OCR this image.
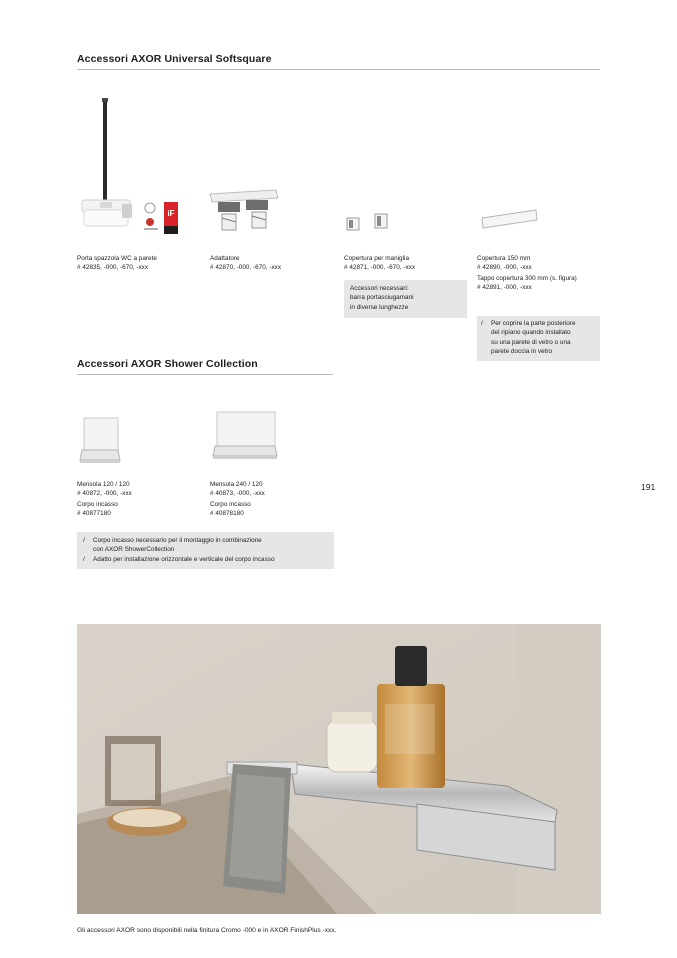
Accessori AXOR Universal Softsquare
iF
Porta spazzola WC a parete
# 42835, -000, -670, -xxx
Adattatore
# 42870, -000, -670, -xxx
Copertura per maniglia
# 42871, -000, -670, -xxx
Copertura 150 mm
# 42890, -000, -xxx
Tappo copertura 300 mm (s. figura)
# 42891, -000, -xxx

Accessori necessari:

barra portasciugamani

in diverse lunghezze

/	Per coprire la parte posteriore

del ripiano quando installato

su una parete di vetro o una

parete doccia in vetro

Accessori AXOR Shower Collection
Mensola 120 / 120
# 40872, -000, -xxx
Corpo incasso
# 40877180
Mensola 240 / 120
# 40873, -000, -xxx
Corpo incasso
# 40878180
/	Corpo incasso necessario per il montaggio in combinazione

con AXOR ShowerCollection

/	Adatto per installazione orizzontale e verticale del corpo incasso

191
Gli accessori AXOR sono disponibili nella finitura Cromo -000 e in AXOR FinishPlus -xxx.
